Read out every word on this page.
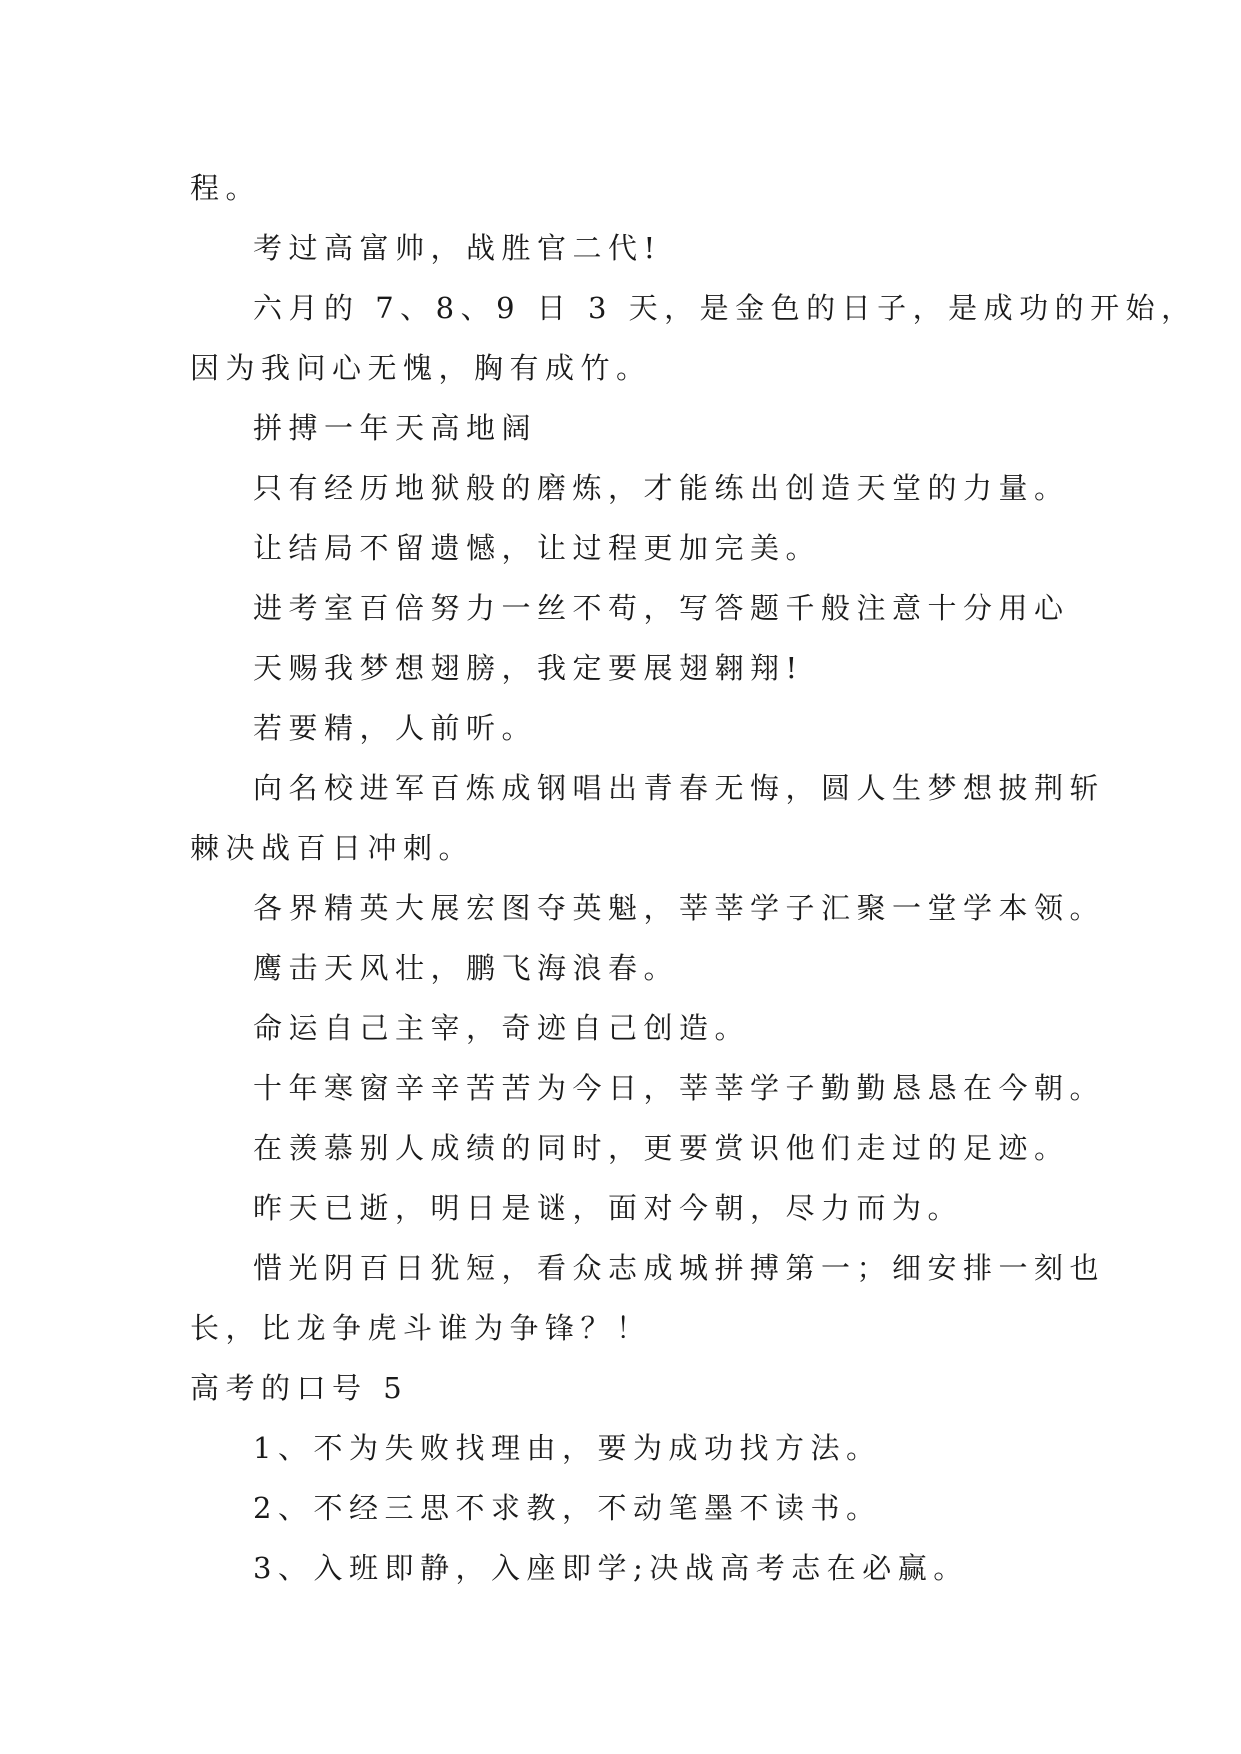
程。
考过高富帅，战胜官二代!
六月的 7、8、9 日 3 天，是金色的日子，是成功的开始，
因为我问心无愧，胸有成竹。
拼搏一年天高地阔
只有经历地狱般的磨炼，才能练出创造天堂的力量。
让结局不留遗憾，让过程更加完美。
进考室百倍努力一丝不苟，写答题千般注意十分用心
天赐我梦想翅膀，我定要展翅翱翔!
若要精，人前听。
向名校进军百炼成钢唱出青春无悔，圆人生梦想披荆斩
棘决战百日冲刺。
各界精英大展宏图夺英魁，莘莘学子汇聚一堂学本领。
鹰击天风壮，鹏飞海浪春。
命运自己主宰，奇迹自己创造。
十年寒窗辛辛苦苦为今日，莘莘学子勤勤恳恳在今朝。
在羡慕别人成绩的同时，更要赏识他们走过的足迹。
昨天已逝，明日是谜，面对今朝，尽力而为。
惜光阴百日犹短，看众志成城拼搏第一；细安排一刻也
长，比龙争虎斗谁为争锋？！
高考的口号 5
1、不为失败找理由，要为成功找方法。
2、不经三思不求教，不动笔墨不读书。
3、入班即静，入座即学;决战高考志在必赢。
